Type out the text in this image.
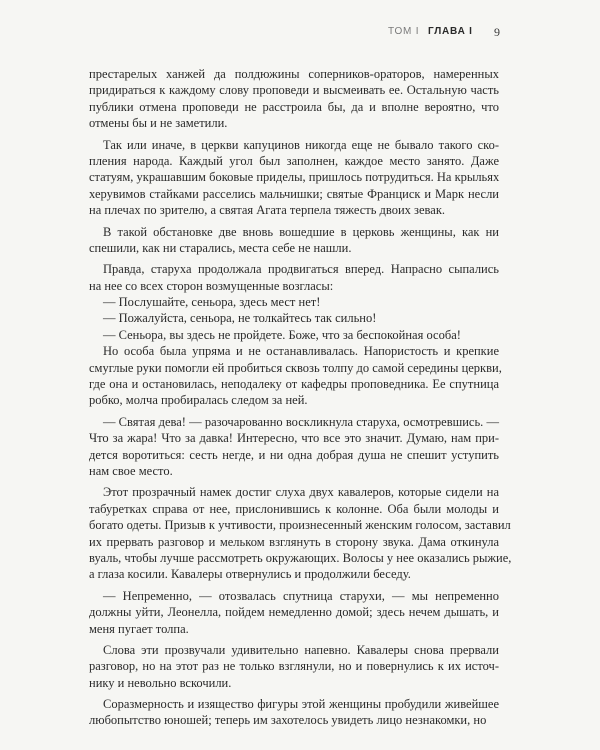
ТОМ I ГЛАВА I 9
престарелых ханжей да полдюжины соперников-ораторов, намеренных
придираться к каждому слову проповеди и высмеивать ее. Остальную часть
публики отмена проповеди не расстроила бы, да и вполне вероятно, что
отмены бы и не заметили.
Так или иначе, в церкви капуцинов никогда еще не бывало такого ско-
пления народа. Каждый угол был заполнен, каждое место занято. Даже
статуям, украшавшим боковые приделы, пришлось потрудиться. На крыльях
херувимов стайками расселись мальчишки; святые Франциск и Марк несли
на плечах по зрителю, а святая Агата терпела тяжесть двоих зевак.
В такой обстановке две вновь вошедшие в церковь женщины, как ни
спешили, как ни старались, места себе не нашли.
Правда, старуха продолжала продвигаться вперед. Напрасно сыпались
на нее со всех сторон возмущенные возгласы:
— Послушайте, сеньора, здесь мест нет!
— Пожалуйста, сеньора, не толкайтесь так сильно!
— Сеньора, вы здесь не пройдете. Боже, что за беспокойная особа!
Но особа была упряма и не останавливалась. Напористость и крепкие
смуглые руки помогли ей пробиться сквозь толпу до самой середины церкви,
где она и остановилась, неподалеку от кафедры проповедника. Ее спутница
робко, молча пробиралась следом за ней.
— Святая дева! — разочарованно воскликнула старуха, осмотревшись. —
Что за жара! Что за давка! Интересно, что все это значит. Думаю, нам при-
дется воротиться: сесть негде, и ни одна добрая душа не спешит уступить
нам свое место.
Этот прозрачный намек достиг слуха двух кавалеров, которые сидели на
табуретках справа от нее, прислонившись к колонне. Оба были молоды и
богато одеты. Призыв к учтивости, произнесенный женским голосом, заставил
их прервать разговор и мельком взглянуть в сторону звука. Дама откинула
вуаль, чтобы лучше рассмотреть окружающих. Волосы у нее оказались рыжие,
а глаза косили. Кавалеры отвернулись и продолжили беседу.
— Непременно, — отозвалась спутница старухи, — мы непременно
должны уйти, Леонелла, пойдем немедленно домой; здесь нечем дышать, и
меня пугает толпа.
Слова эти прозвучали удивительно напевно. Кавалеры снова прервали
разговор, но на этот раз не только взглянули, но и повернулись к их источ-
нику и невольно вскочили.
Соразмерность и изящество фигуры этой женщины пробудили живейшее
любопытство юношей; теперь им захотелось увидеть лицо незнакомки, но
